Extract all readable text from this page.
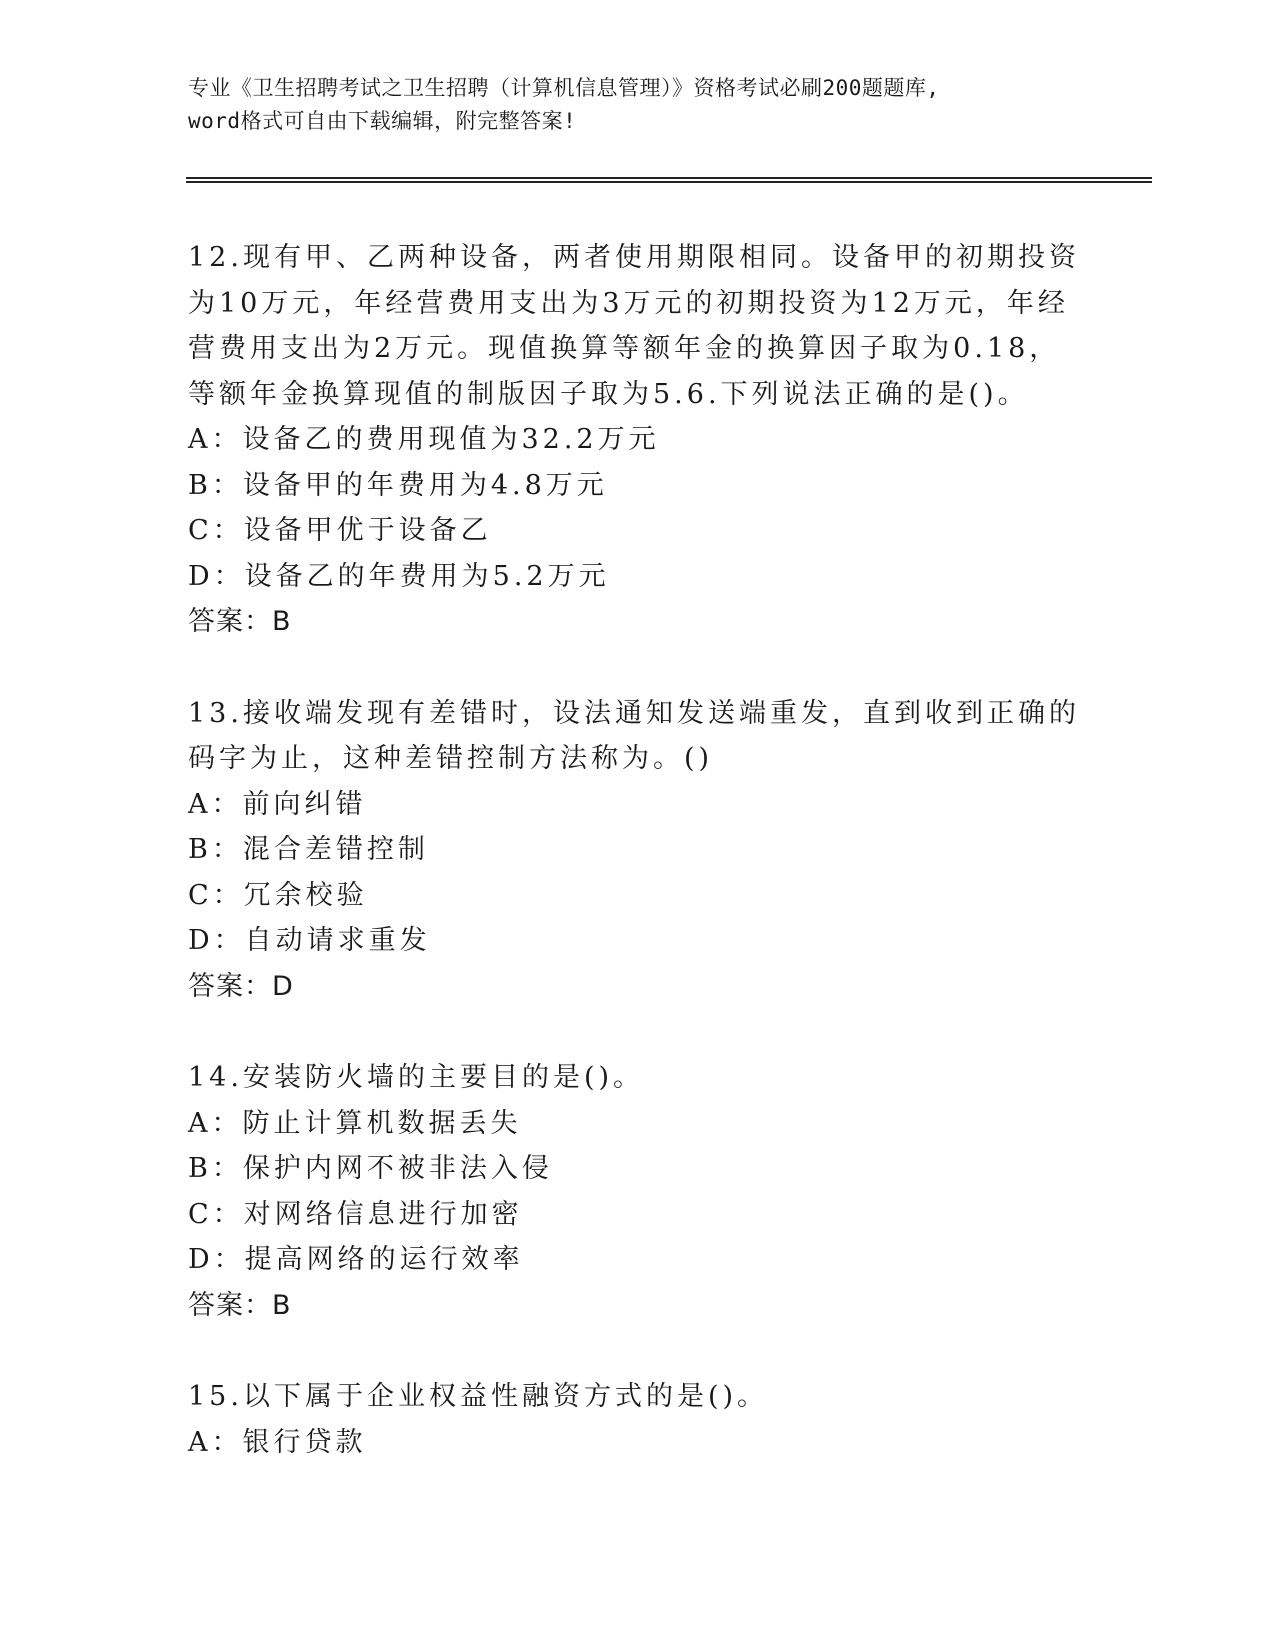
专业《卫生招聘考试之卫生招聘（计算机信息管理）》资格考试必刷200题题库,
word格式可自由下载编辑，附完整答案!

12.现有甲、乙两种设备，两者使用期限相同。设备甲的初期投资为10万元，年经营费用支出为3万元的初期投资为12万元，年经营费用支出为2万元。现值换算等额年金的换算因子取为0.18，等额年金换算现值的制版因子取为5.6.下列说法正确的是()。

A：设备乙的费用现值为32.2万元

B：设备甲的年费用为4.8万元

C：设备甲优于设备乙

D：设备乙的年费用为5.2万元

答案：B

13.接收端发现有差错时，设法通知发送端重发，直到收到正确的码字为止，这种差错控制方法称为。()

A：前向纠错

B：混合差错控制

C：冗余校验

D：自动请求重发

答案：D

14.安装防火墙的主要目的是()。

A：防止计算机数据丢失

B：保护内网不被非法入侵

C：对网络信息进行加密

D：提高网络的运行效率

答案：B

15.以下属于企业权益性融资方式的是()。

A：银行贷款
